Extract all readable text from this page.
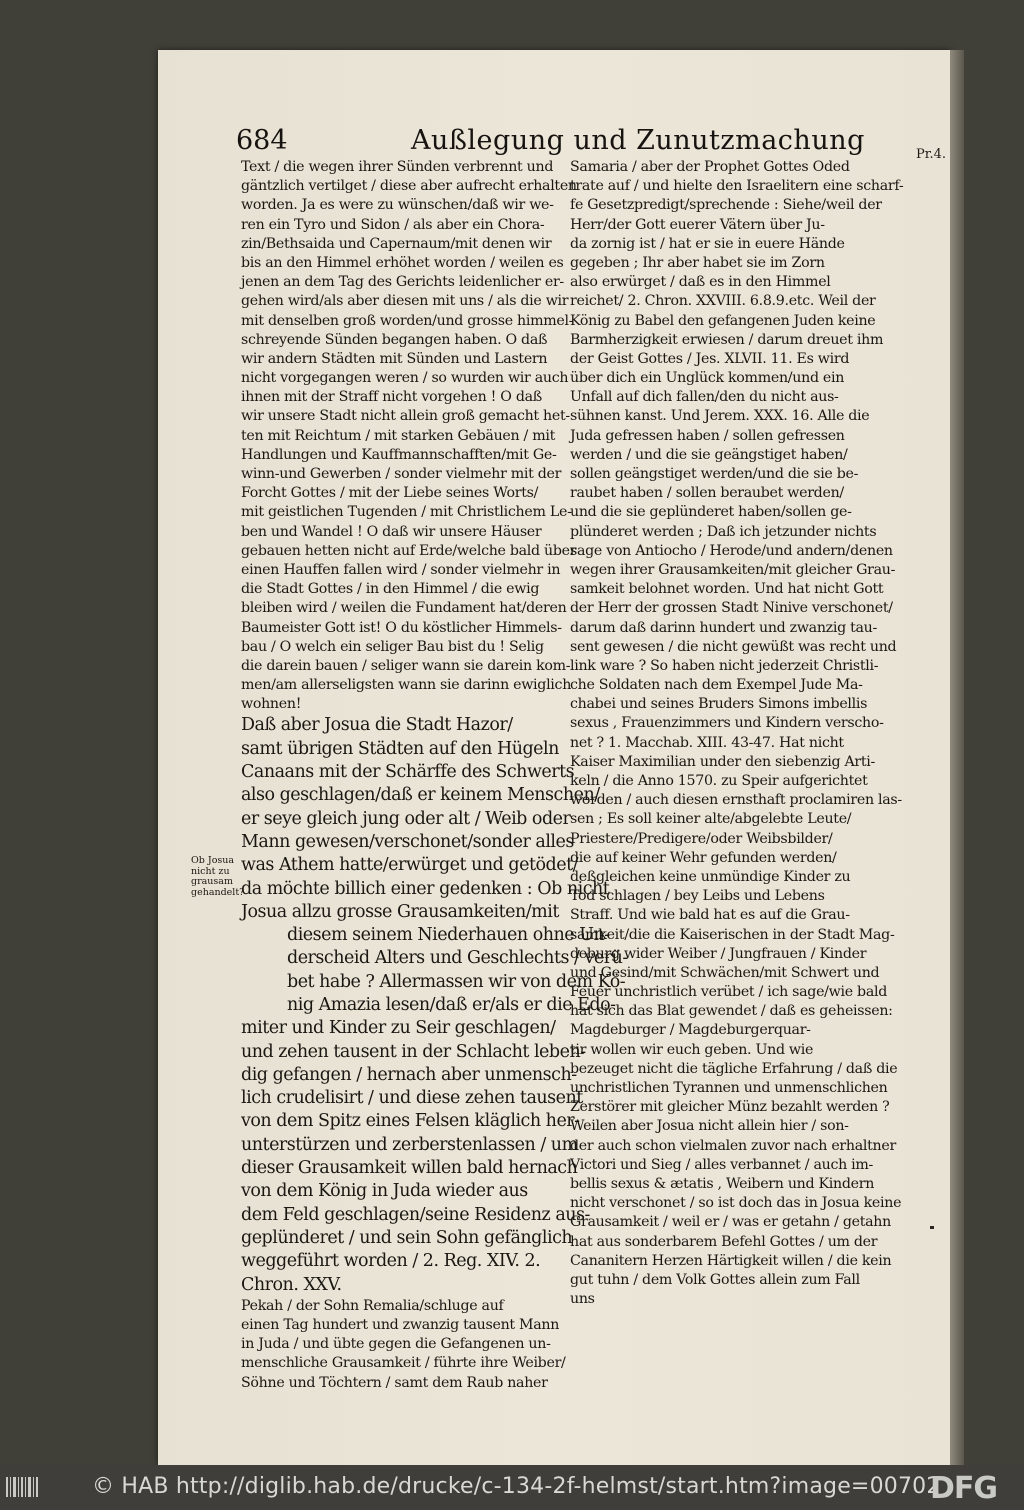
684	Außlegung und Zunutzmachung	Pr.4.
Ob Josua
nicht zu
grausam
gehandelt?
Text / die wegen ihrer Sünden verbrennt und
gäntzlich vertilget / diese aber aufrecht erhalten
worden. Ja es were zu wünschen/daß wir we-
ren ein Tyro und Sidon / als aber ein Chora-
zin/Bethsaida und Capernaum/mit denen wir
bis an den Himmel erhöhet worden / weilen es
jenen an dem Tag des Gerichts leidenlicher er-
gehen wird/als aber diesen mit uns / als die wir
mit denselben groß worden/und grosse himmel-
schreyende Sünden begangen haben. O daß
wir andern Städten mit Sünden und Lastern
nicht vorgegangen weren / so wurden wir auch
ihnen mit der Straff nicht vorgehen ! O daß
wir unsere Stadt nicht allein groß gemacht het-
ten mit Reichtum / mit starken Gebäuen / mit
Handlungen und Kauffmannschafften/mit Ge-
winn-und Gewerben / sonder vielmehr mit der
Forcht Gottes / mit der Liebe seines Worts/
mit geistlichen Tugenden / mit Christlichem Le-
ben und Wandel ! O daß wir unsere Häuser
gebauen hetten nicht auf Erde/welche bald über
einen Hauffen fallen wird / sonder vielmehr in
die Stadt Gottes / in den Himmel / die ewig
bleiben wird / weilen die Fundament hat/deren
Baumeister Gott ist! O du köstlicher Himmels-
bau / O welch ein seliger Bau bist du ! Selig
die darein bauen / seliger wann sie darein kom-
men/am allerseligsten wann sie darinn ewiglich
wohnen!
Daß aber Josua die Stadt Hazor/
samt übrigen Städten auf den Hügeln
Canaans mit der Schärffe des Schwerts
also geschlagen/daß er keinem Menschen/
er seye gleich jung oder alt / Weib oder
Mann gewesen/verschonet/sonder alles
was Athem hatte/erwürget und getödet/
da möchte billich einer gedenken : Ob nicht
Josua allzu grosse Grausamkeiten/mit
diesem seinem Niederhauen ohne Un-
derscheid Alters und Geschlechts / verü-
bet habe ? Allermassen wir von dem Kö-
nig Amazia lesen/daß er/als er die Edo-
miter und Kinder zu Seir geschlagen/
und zehen tausent in der Schlacht leben-
dig gefangen / hernach aber unmensch-
lich crudelisirt / und diese zehen tausent
von dem Spitz eines Felsen kläglich her-
unterstürzen und zerberstenlassen / um
dieser Grausamkeit willen bald hernach
von dem König in Juda wieder aus
dem Feld geschlagen/seine Residenz aus-
geplünderet / und sein Sohn gefänglich
weggeführt worden / 2. Reg. XIV. 2.
Chron. XXV.
Pekah / der Sohn Remalia/schluge auf
einen Tag hundert und zwanzig tausent Mann
in Juda / und übte gegen die Gefangenen un-
menschliche Grausamkeit / führte ihre Weiber/
Söhne und Töchtern / samt dem Raub naher
Samaria / aber der Prophet Gottes Oded
trate auf / und hielte den Israelitern eine scharf-
fe Gesetzpredigt/sprechende : Siehe/weil der
Herr/der Gott euerer Vätern über Ju-
da zornig ist / hat er sie in euere Hände
gegeben ; Ihr aber habet sie im Zorn
also erwürget / daß es in den Himmel
reichet/ 2. Chron. XXVIII. 6.8.9.etc. Weil der
König zu Babel den gefangenen Juden keine
Barmherzigkeit erwiesen / darum dreuet ihm
der Geist Gottes / Jes. XLVII. 11. Es wird
über dich ein Unglück kommen/und ein
Unfall auf dich fallen/den du nicht aus-
sühnen kanst. Und Jerem. XXX. 16. Alle die
Juda gefressen haben / sollen gefressen
werden / und die sie geängstiget haben/
sollen geängstiget werden/und die sie be-
raubet haben / sollen beraubet werden/
und die sie geplünderet haben/sollen ge-
plünderet werden ; Daß ich jetzunder nichts
sage von Antiocho / Herode/und andern/denen
wegen ihrer Grausamkeiten/mit gleicher Grau-
samkeit belohnet worden. Und hat nicht Gott
der Herr der grossen Stadt Ninive verschonet/
darum daß darinn hundert und zwanzig tau-
sent gewesen / die nicht gewüßt was recht und
link ware ? So haben nicht jederzeit Christli-
che Soldaten nach dem Exempel Jude Ma-
chabei und seines Bruders Simons imbellis
sexus , Frauenzimmers und Kindern verscho-
net ? 1. Macchab. XIII. 43-47. Hat nicht
Kaiser Maximilian under den siebenzig Arti-
keln / die Anno 1570. zu Speir aufgerichtet
worden / auch diesen ernsthaft proclamiren las-
sen ; Es soll keiner alte/abgelebte Leute/
Priestere/Predigere/oder Weibsbilder/
die auf keiner Wehr gefunden werden/
deßgleichen keine unmündige Kinder zu
Tod schlagen / bey Leibs und Lebens
Straff. Und wie bald hat es auf die Grau-
samkeit/die die Kaiserischen in der Stadt Mag-
deburg wider Weiber / Jungfrauen / Kinder
und Gesind/mit Schwächen/mit Schwert und
Feuer unchristlich verübet / ich sage/wie bald
hat sich das Blat gewendet / daß es geheissen:
Magdeburger / Magdeburgerquar-
tir wollen wir euch geben. Und wie
bezeuget nicht die tägliche Erfahrung / daß die
unchristlichen Tyrannen und unmenschlichen
Zerstörer mit gleicher Münz bezahlt werden ?
Weilen aber Josua nicht allein hier / son-
der auch schon vielmalen zuvor nach erhaltner
Victori und Sieg / alles verbannet / auch im-
bellis sexus & ætatis , Weibern und Kindern
nicht verschonet / so ist doch das in Josua keine
Grausamkeit / weil er / was er getahn / getahn
hat aus sonderbarem Befehl Gottes / um der
Cananitern Herzen Härtigkeit willen / die kein
gut tuhn / dem Volk Gottes allein zum Fall
uns
© HAB http://diglib.hab.de/drucke/c-134-2f-helmst/start.htm?image=00702
DFG
